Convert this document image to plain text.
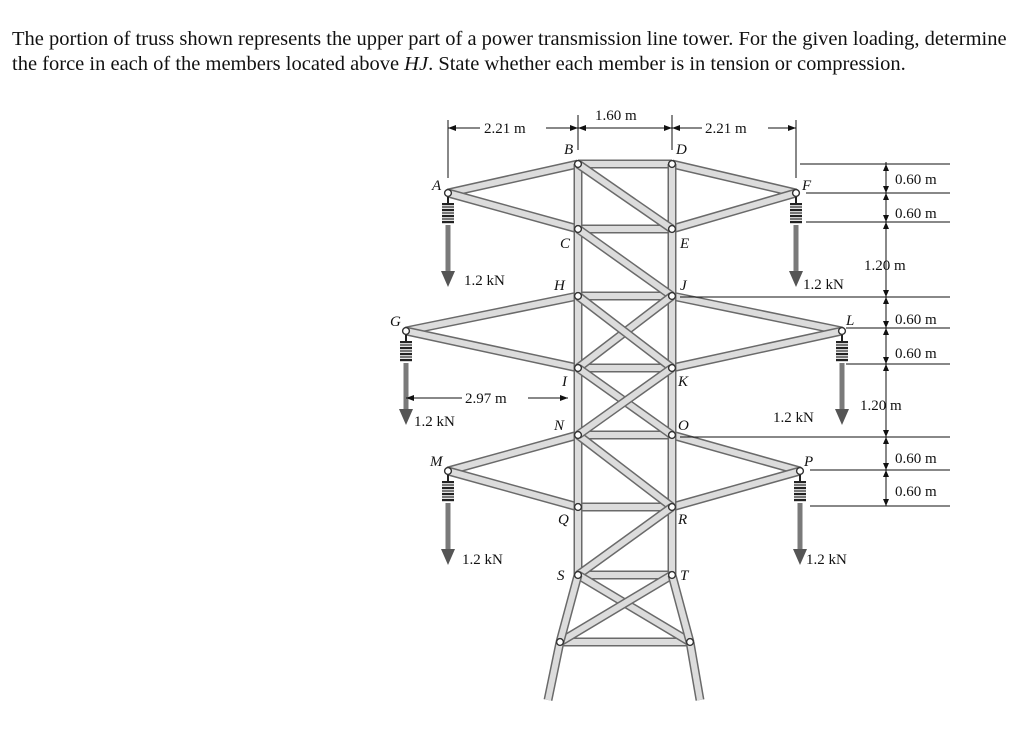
The portion of truss shown represents the upper part of a power transmission line tower. For the given loading, determine the force in each of the members located above HJ. State whether each member is in tension or compression.

2.21 m
1.60 m
2.21 m
2.97 m
0.60 m
0.60 m
1.20 m
0.60 m
0.60 m
1.20 m
0.60 m
0.60 m
1.2 kN	1.2 kN
1.2 kN	1.2 kN
1.2 kN	1.2 kN
A
B
C
D
E
F
G
H
I
J
K
L
M
N	O
P
Q	R
S	T
